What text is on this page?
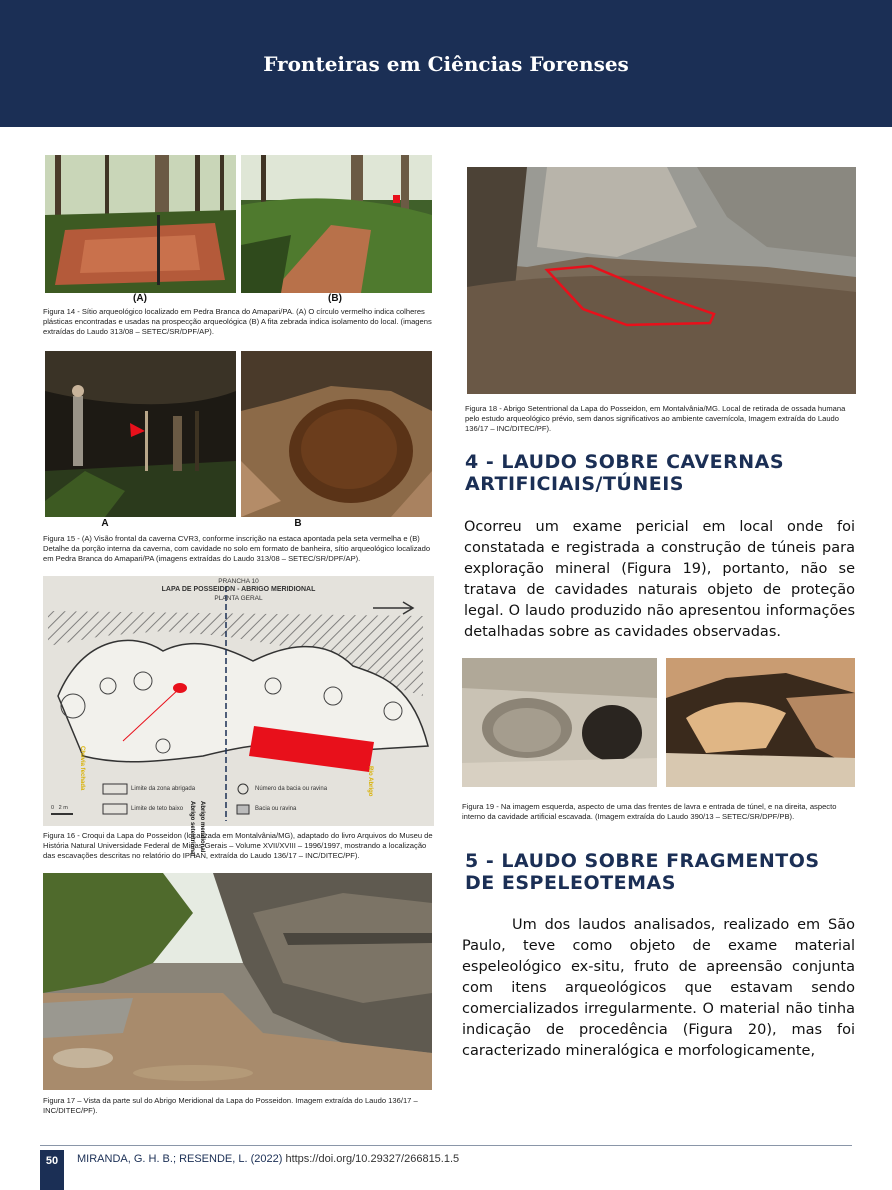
Fronteiras em Ciências Forenses
(A)	(B)

Figura 14 - Sítio arqueológico localizado em Pedra Branca do Amapari/PA. (A) O círculo vermelho indica colheres plásticas encontradas e usadas na prospecção arqueológica (B) A fita zebrada indica isolamento do local. (imagens extraídas do Laudo 313/08 – SETEC/SR/DPF/AP).

A	B

Figura 15 - (A) Visão frontal da caverna CVR3, conforme inscrição na estaca apontada pela seta vermelha e (B) Detalhe da porção interna da caverna, com cavidade no solo em formato de banheira, sítio arqueológico localizado em Pedra Branca do Amapari/PA (imagens extraídas do Laudo 313/08 – SETEC/SR/DPF/AP).

PRANCHA 10
LAPA DE POSSEIDON - ABRIGO MERIDIONAL
PLANTA GERAL
Abrigo setentrional Abrigo meridional
Chuvia fechada	Rio Abrigo
Limite da zona abrigada
Limite de teto baixo
Número da bacia ou ravina
Bacia ou ravina
0   2 m

Figura 16 - Croqui da Lapa do Posseidon (localizada em Montalvânia/MG), adaptado do livro Arquivos do Museu de História Natural Universidade Federal de Minas Gerais – Volume XVII/XVIII – 1996/1997, mostrando a localização das escavações descritas no relatório do IPHAN, extraída do Laudo 136/17 – INC/DITEC/PF).

Figura 17 – Vista da parte sul do Abrigo Meridional da Lapa do Posseidon. Imagem extraída do Laudo 136/17 – INC/DITEC/PF).

Figura 18 - Abrigo Setentrional da Lapa do Posseidon, em Montalvânia/MG. Local de retirada de ossada humana pelo estudo arqueológico prévio, sem danos significativos ao ambiente cavernícola, Imagem extraída do Laudo 136/17 – INC/DITEC/PF).

4 - LAUDO SOBRE CAVERNAS
ARTIFICIAIS/TÚNEIS

Ocorreu um exame pericial em local onde foi constatada e registrada a construção de túneis para exploração mineral (Figura 19), portanto, não se tratava de cavidades naturais objeto de proteção legal. O laudo produzido não apresentou informações detalhadas sobre as cavidades observadas.

Figura 19 - Na imagem esquerda, aspecto de uma das frentes de lavra e entrada de túnel, e na direita, aspecto interno da cavidade artificial escavada. (Imagem extraída do Laudo 390/13 – SETEC/SR/DPF/PB).

5 - LAUDO SOBRE FRAGMENTOS
DE ESPELEOTEMAS

Um dos laudos analisados, realizado em São Paulo, teve como objeto de exame material espeleológico ex-situ, fruto de apreensão conjunta com itens arqueológicos que estavam sendo comercializados irregularmente. O material não tinha indicação de procedência (Figura 20), mas foi caracterizado mineralógica e morfologicamente,

50	MIRANDA, G. H. B.; RESENDE, L. (2022) https://doi.org/10.29327/266815.1.5
